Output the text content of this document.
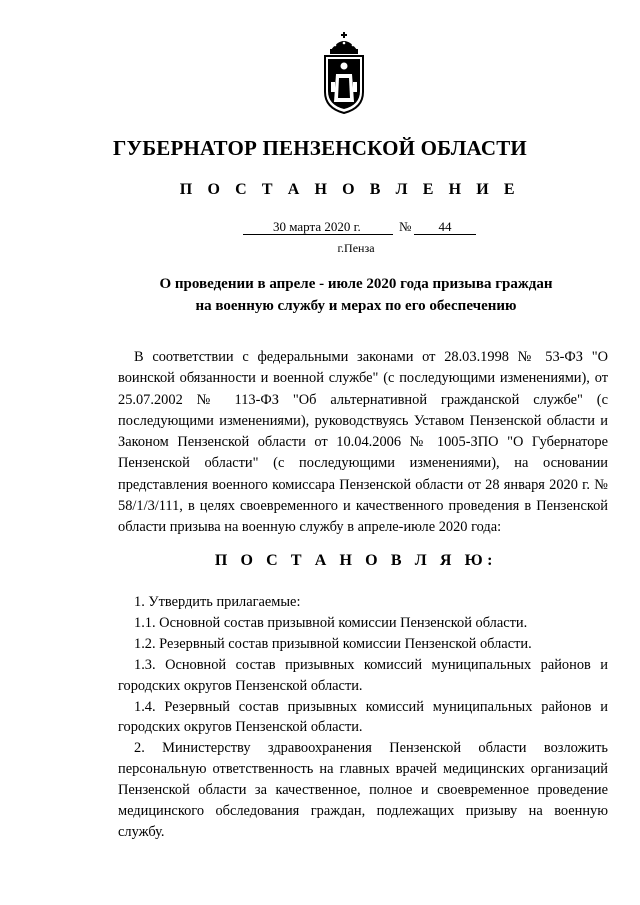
ГУБЕРНАТОР ПЕНЗЕНСКОЙ ОБЛАСТИ
П О С Т А Н О В Л Е Н И Е
30 марта 2020 г.	№	44
г.Пенза
О проведении в апреле - июле 2020 года призыва граждан
на военную службу и мерах по его обеспечению

В соответствии с федеральными законами от 28.03.1998 № 53-ФЗ "О воинской обязанности и военной службе" (с последующими изменениями), от 25.07.2002 № 113-ФЗ "Об альтернативной гражданской службе" (с последующими изменениями), руководствуясь Уставом Пензенской области и Законом Пензенской области от 10.04.2006 № 1005-ЗПО "О Губернаторе Пензенской области" (с последующими изменениями), на основании представления военного комиссара Пензенской области от 28 января 2020 г. № 58/1/3/111, в целях своевременного и качественного проведения в Пензенской области призыва на военную службу в апреле-июле 2020 года:

П О С Т А Н О В Л Я Ю:

1. Утвердить прилагаемые:

1.1. Основной состав призывной комиссии Пензенской области.

1.2. Резервный состав призывной комиссии Пензенской области.

1.3. Основной состав призывных комиссий муниципальных районов и городских округов Пензенской области.

1.4. Резервный состав призывных комиссий муниципальных районов и городских округов Пензенской области.

2. Министерству здравоохранения Пензенской области возложить персональную ответственность на главных врачей медицинских организаций Пензенской области за качественное, полное и своевременное проведение медицинского обследования граждан, подлежащих призыву на военную службу.
